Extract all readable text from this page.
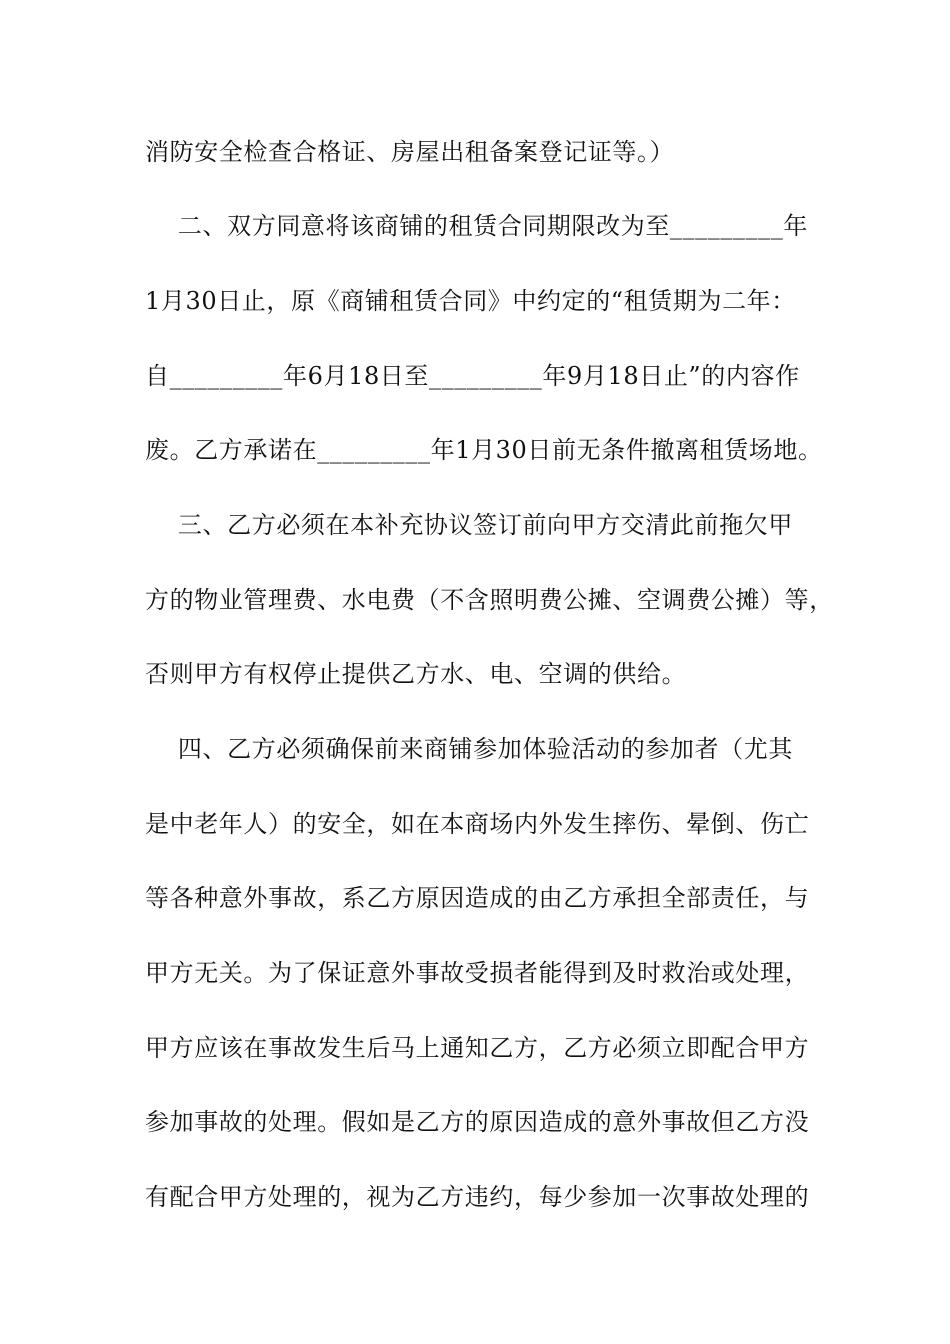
消防安全检查合格证、房屋出租备案登记证等。）
二、双方同意将该商铺的租赁合同期限改为至_________年
1月30日止，原《商铺租赁合同》中约定的“租赁期为二年：
自_________年6月18日至_________年9月18日止”的内容作
废。乙方承诺在_________年1月30日前无条件撤离租赁场地。
三、乙方必须在本补充协议签订前向甲方交清此前拖欠甲
方的物业管理费、水电费（不含照明费公摊、空调费公摊）等，
否则甲方有权停止提供乙方水、电、空调的供给。
四、乙方必须确保前来商铺参加体验活动的参加者（尤其
是中老年人）的安全，如在本商场内外发生摔伤、晕倒、伤亡
等各种意外事故，系乙方原因造成的由乙方承担全部责任，与
甲方无关。为了保证意外事故受损者能得到及时救治或处理，
甲方应该在事故发生后马上通知乙方，乙方必须立即配合甲方
参加事故的处理。假如是乙方的原因造成的意外事故但乙方没
有配合甲方处理的，视为乙方违约，每少参加一次事故处理的
